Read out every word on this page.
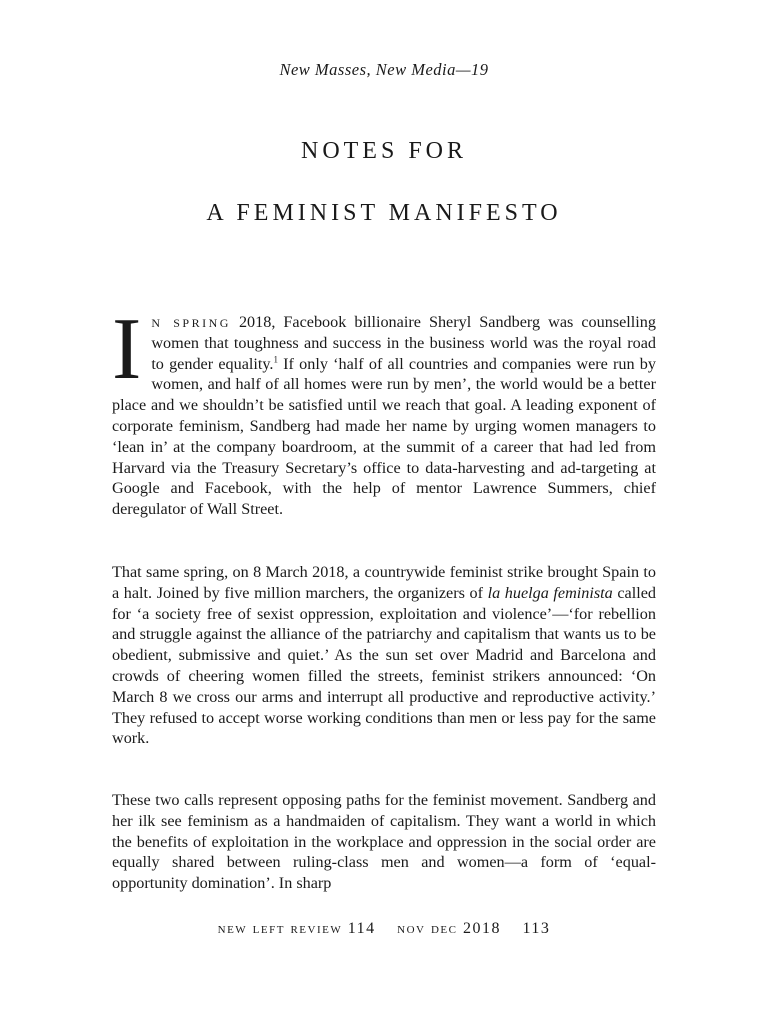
New Masses, New Media—19
NOTES FOR
A FEMINIST MANIFESTO

In spring 2018, Facebook billionaire Sheryl Sandberg was counselling women that toughness and success in the business world was the royal road to gender equality.$^1$ If only ‘half of all countries and companies were run by women, and half of all homes were run by men’, the world would be a better place and we shouldn’t be satisfied until we reach that goal. A leading exponent of corporate feminism, Sandberg had made her name by urging women managers to ‘lean in’ at the company boardroom, at the summit of a career that had led from Harvard via the Treasury Secretary’s office to data-harvesting and ad-targeting at Google and Facebook, with the help of mentor Lawrence Summers, chief deregulator of Wall Street.

That same spring, on 8 March 2018, a countrywide feminist strike brought Spain to a halt. Joined by five million marchers, the organizers of la huelga feminista called for ‘a society free of sexist oppression, exploitation and violence’—‘for rebellion and struggle against the alliance of the patriarchy and capitalism that wants us to be obedient, submissive and quiet.’ As the sun set over Madrid and Barcelona and crowds of cheering women filled the streets, feminist strikers announced: ‘On March 8 we cross our arms and interrupt all productive and reproductive activity.’ They refused to accept worse working conditions than men or less pay for the same work.

These two calls represent opposing paths for the feminist movement. Sandberg and her ilk see feminism as a handmaiden of capitalism. They want a world in which the benefits of exploitation in the workplace and oppression in the social order are equally shared between ruling-class men and women—a form of ‘equal-opportunity domination’. In sharp

new left review 114 nov dec 2018 113
